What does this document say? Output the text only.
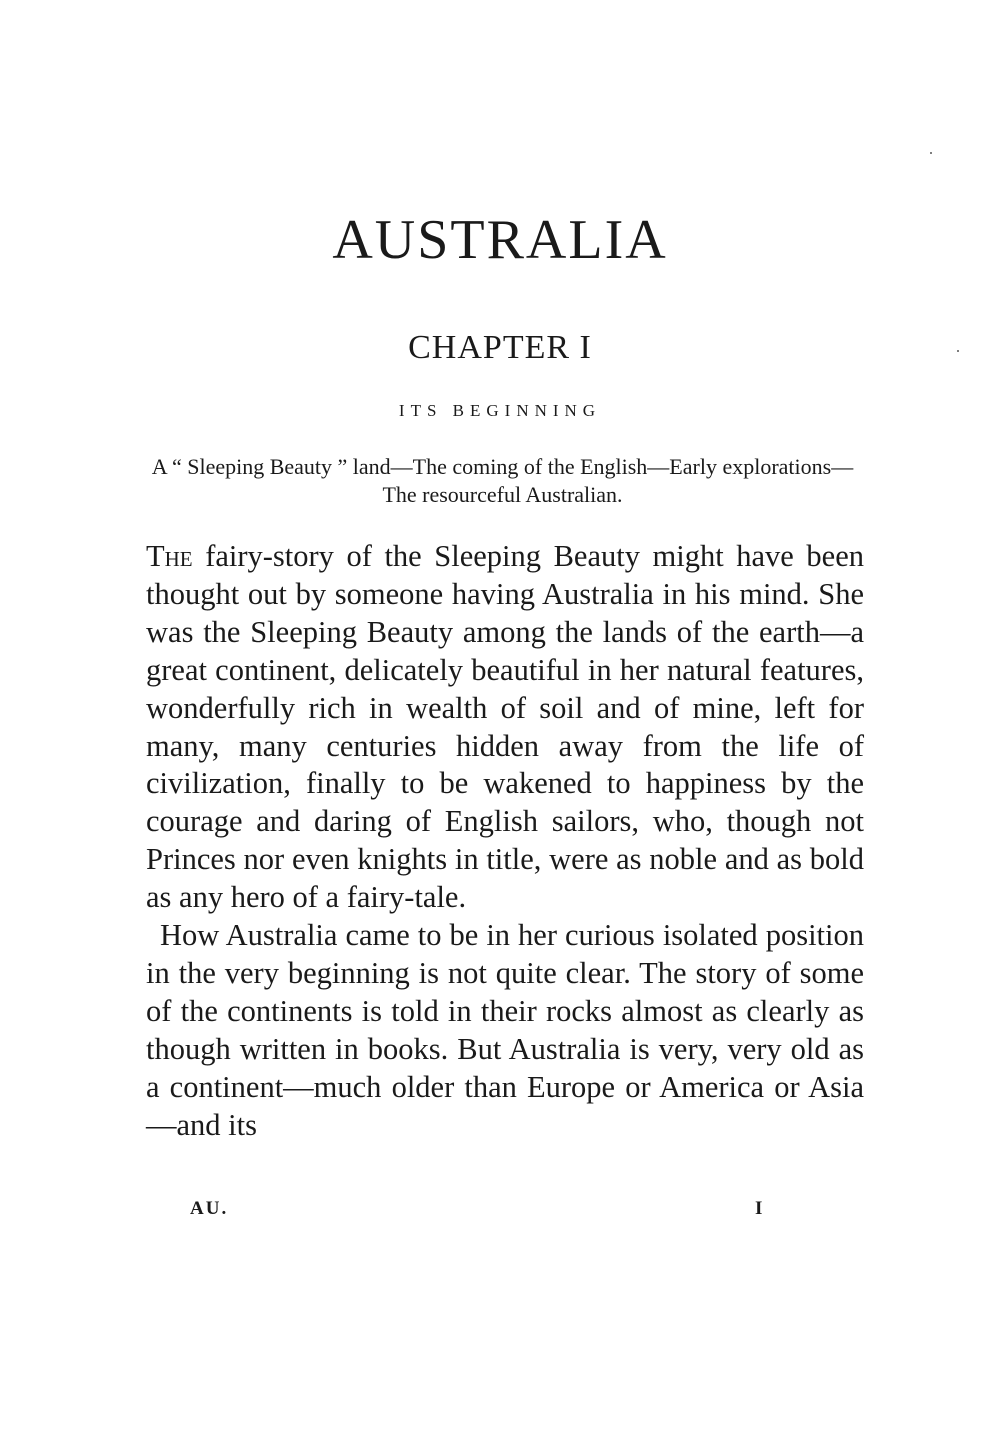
AUSTRALIA
CHAPTER I

ITS BEGINNING

A “ Sleeping Beauty ” land—The coming of the English—Early explorations—The resourceful Australian.

The fairy-story of the Sleeping Beauty might have been thought out by someone having Australia in his mind. She was the Sleeping Beauty among the lands of the earth—a great continent, delicately beautiful in her natural features, wonderfully rich in wealth of soil and of mine, left for many, many centuries hidden away from the life of civilization, finally to be wakened to happiness by the courage and daring of English sailors, who, though not Princes nor even knights in title, were as noble and as bold as any hero of a fairy-tale.

How Australia came to be in her curious isolated position in the very beginning is not quite clear. The story of some of the continents is told in their rocks almost as clearly as though written in books. But Australia is very, very old as a continent—much older than Europe or America or Asia—and its

AU.	I
